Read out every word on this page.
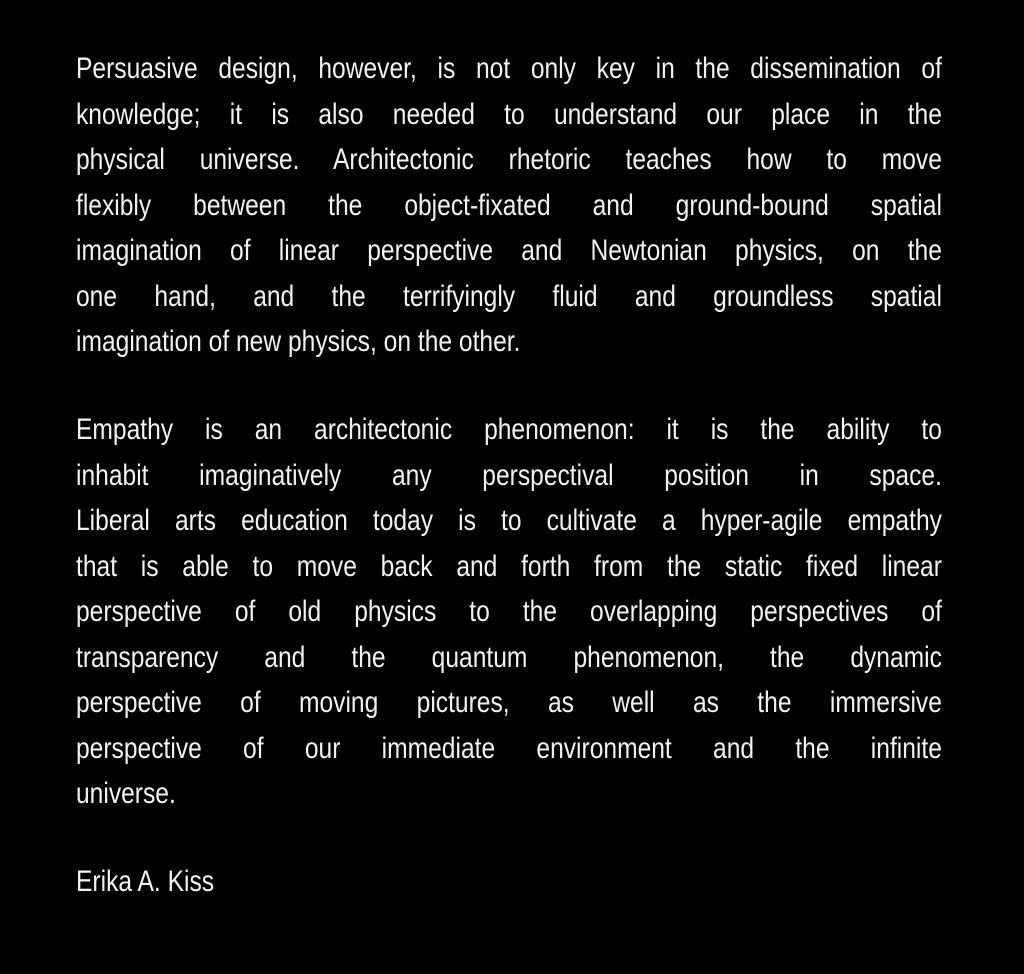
Persuasive design, however, is not only key in the dissemination of
knowledge; it is also needed to understand our place in the
physical universe. Architectonic rhetoric teaches how to move
flexibly between the object-fixated and ground-bound spatial
imagination of linear perspective and Newtonian physics, on the
one hand, and the terrifyingly fluid and groundless spatial
imagination of new physics, on the other.
Empathy is an architectonic phenomenon: it is the ability to
inhabit imaginatively any perspectival position in space.
Liberal arts education today is to cultivate a hyper-agile empathy
that is able to move back and forth from the static fixed linear
perspective of old physics to the overlapping perspectives of
transparency and the quantum phenomenon, the dynamic
perspective of moving pictures, as well as the immersive
perspective of our immediate environment and the infinite
universe.
Erika A. Kiss
